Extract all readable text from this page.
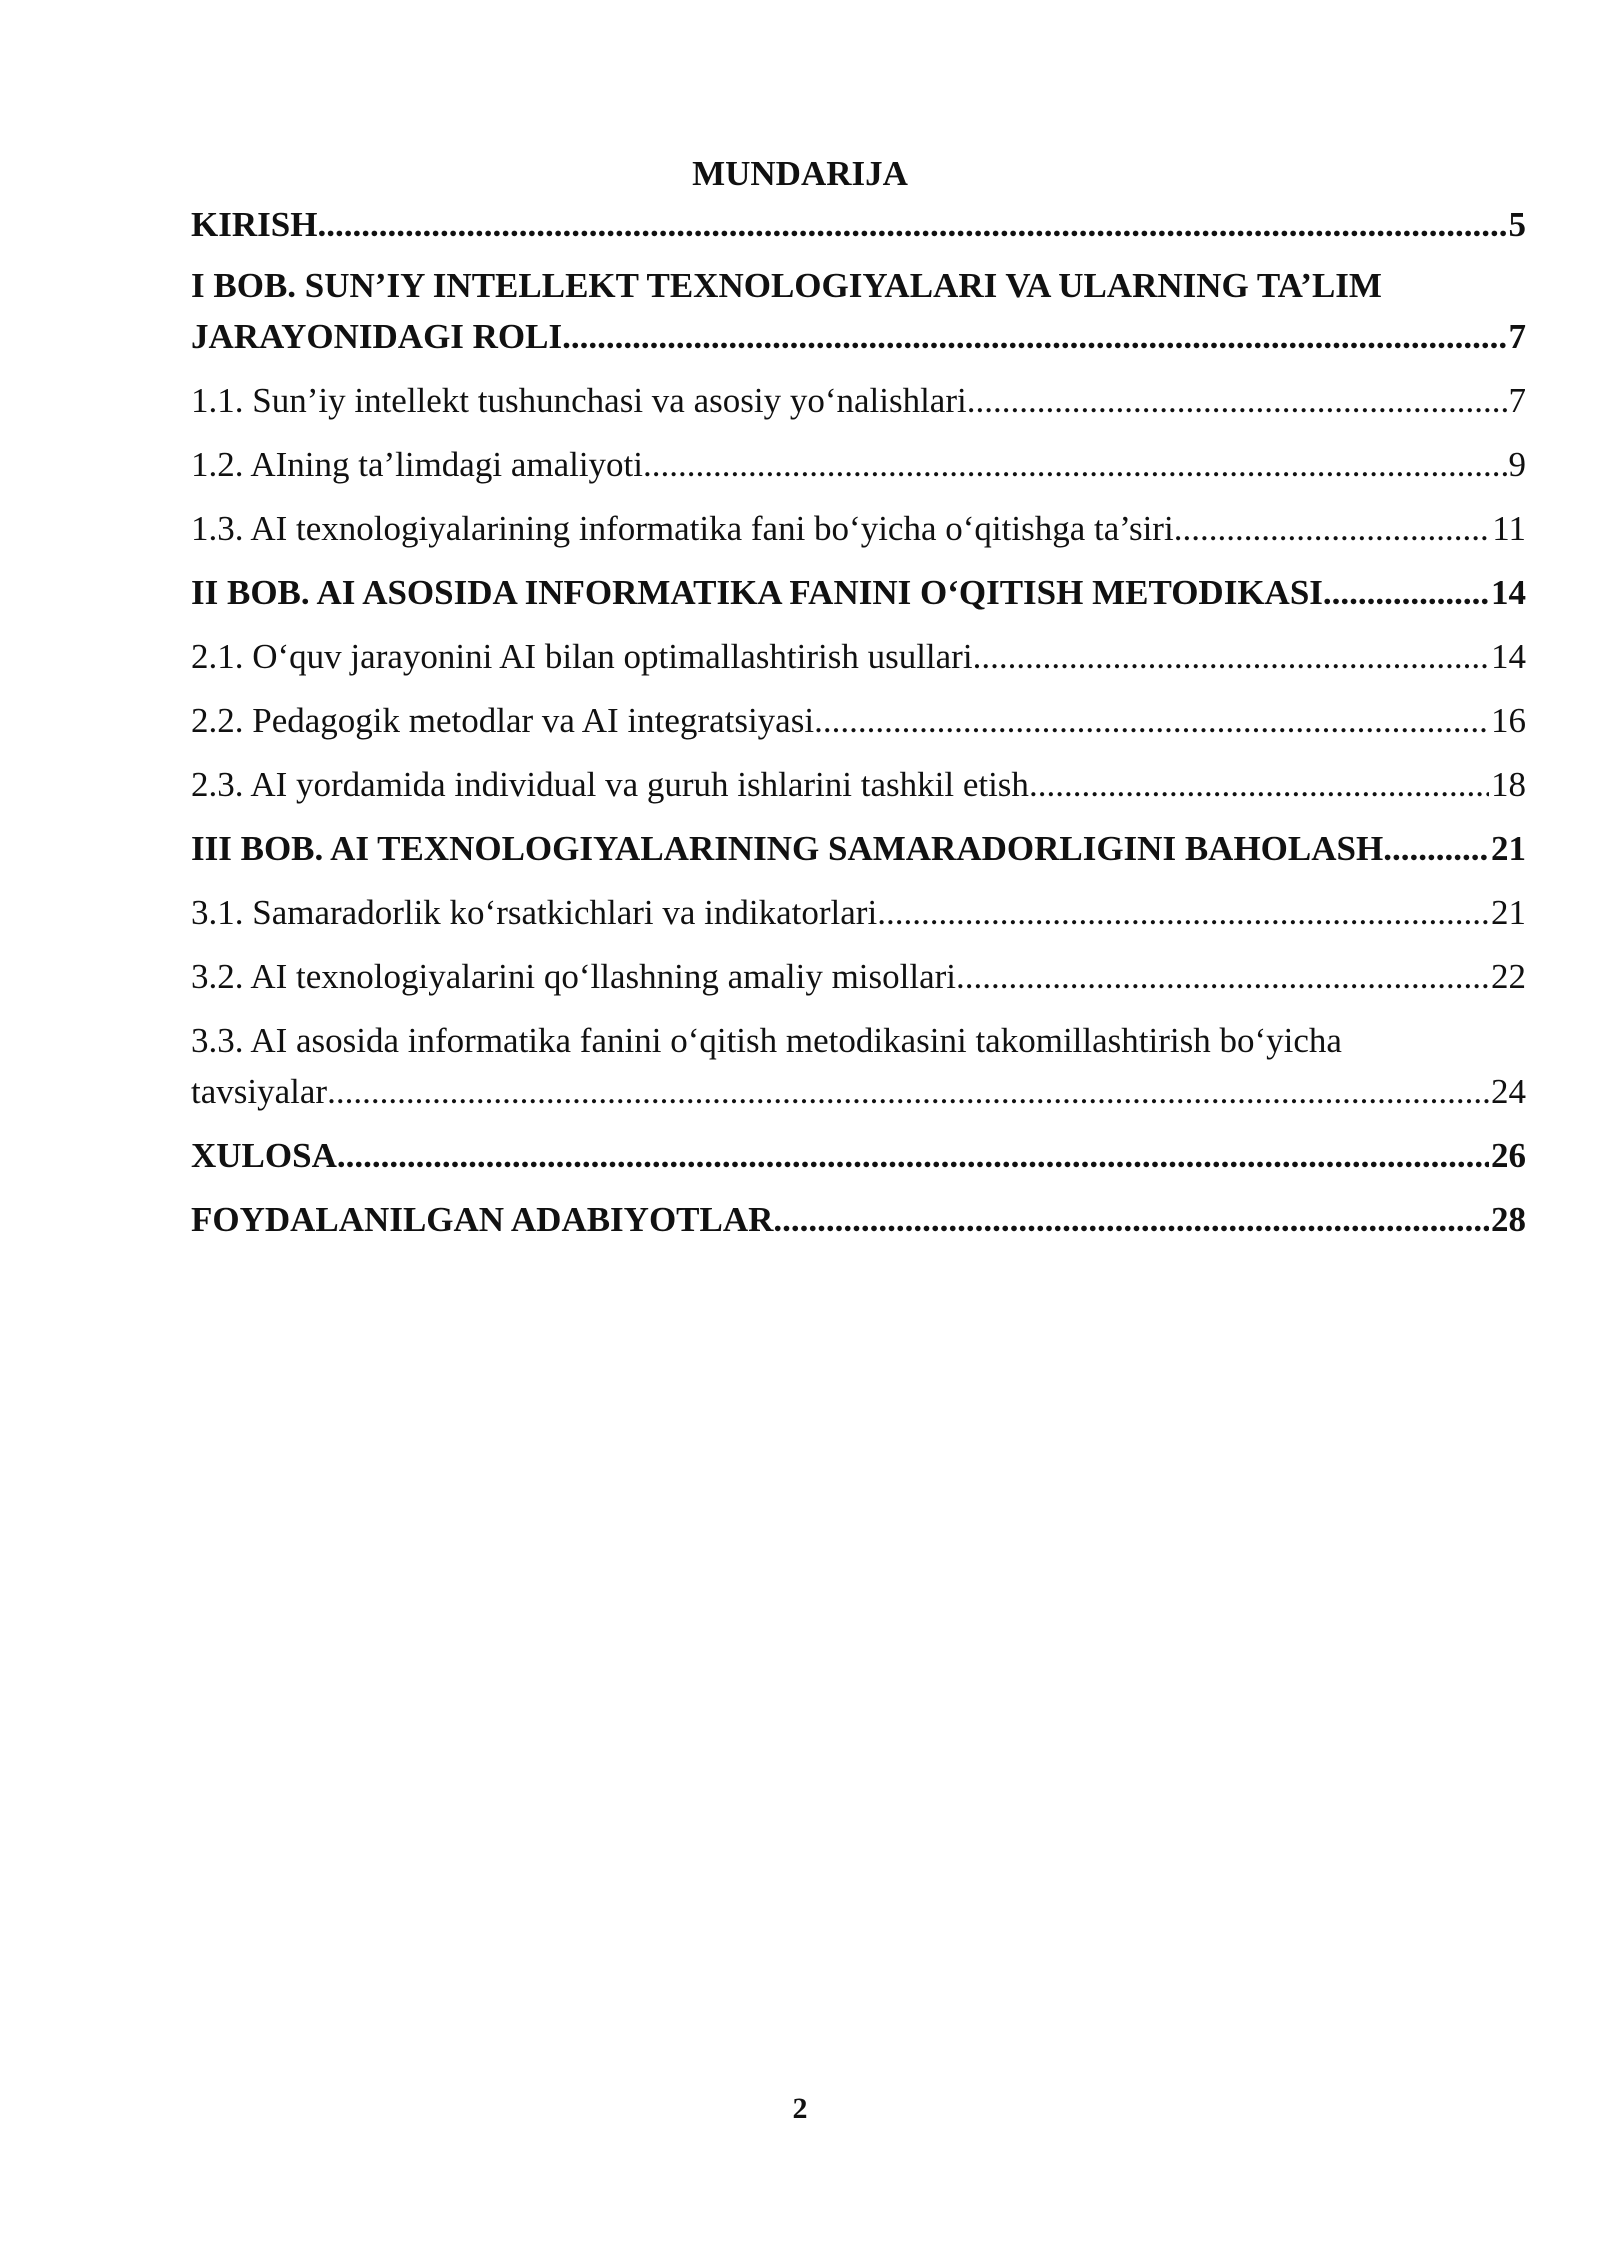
MUNDARIJA
KIRISH .....	5
I BOB. SUN’IY INTELLEKT TEXNOLOGIYALARI VA ULARNING TA’LIM
JARAYONIDAGI ROLI .....	7
1.1. Sun’iy intellekt tushunchasi va asosiy yo‘nalishlari .....	7
1.2. AIning ta’limdagi amaliyoti .....	9
1.3. AI texnologiyalarining informatika fani bo‘yicha o‘qitishga ta’siri .....	11
II BOB. AI ASOSIDA INFORMATIKA FANINI O‘QITISH METODIKASI .....	14
2.1. O‘quv jarayonini AI bilan optimallashtirish usullari .....	14
2.2. Pedagogik metodlar va AI integratsiyasi .....	16
2.3. AI yordamida individual va guruh ishlarini tashkil etish .....	18
III BOB. AI TEXNOLOGIYALARINING SAMARADORLIGINI BAHOLASH .....	21
3.1. Samaradorlik ko‘rsatkichlari va indikatorlari .....	21
3.2. AI texnologiyalarini qo‘llashning amaliy misollari .....	22
3.3. AI asosida informatika fanini o‘qitish metodikasini takomillashtirish bo‘yicha
tavsiyalar .....	24
XULOSA .....	26
FOYDALANILGAN ADABIYOTLAR .....	28
2
